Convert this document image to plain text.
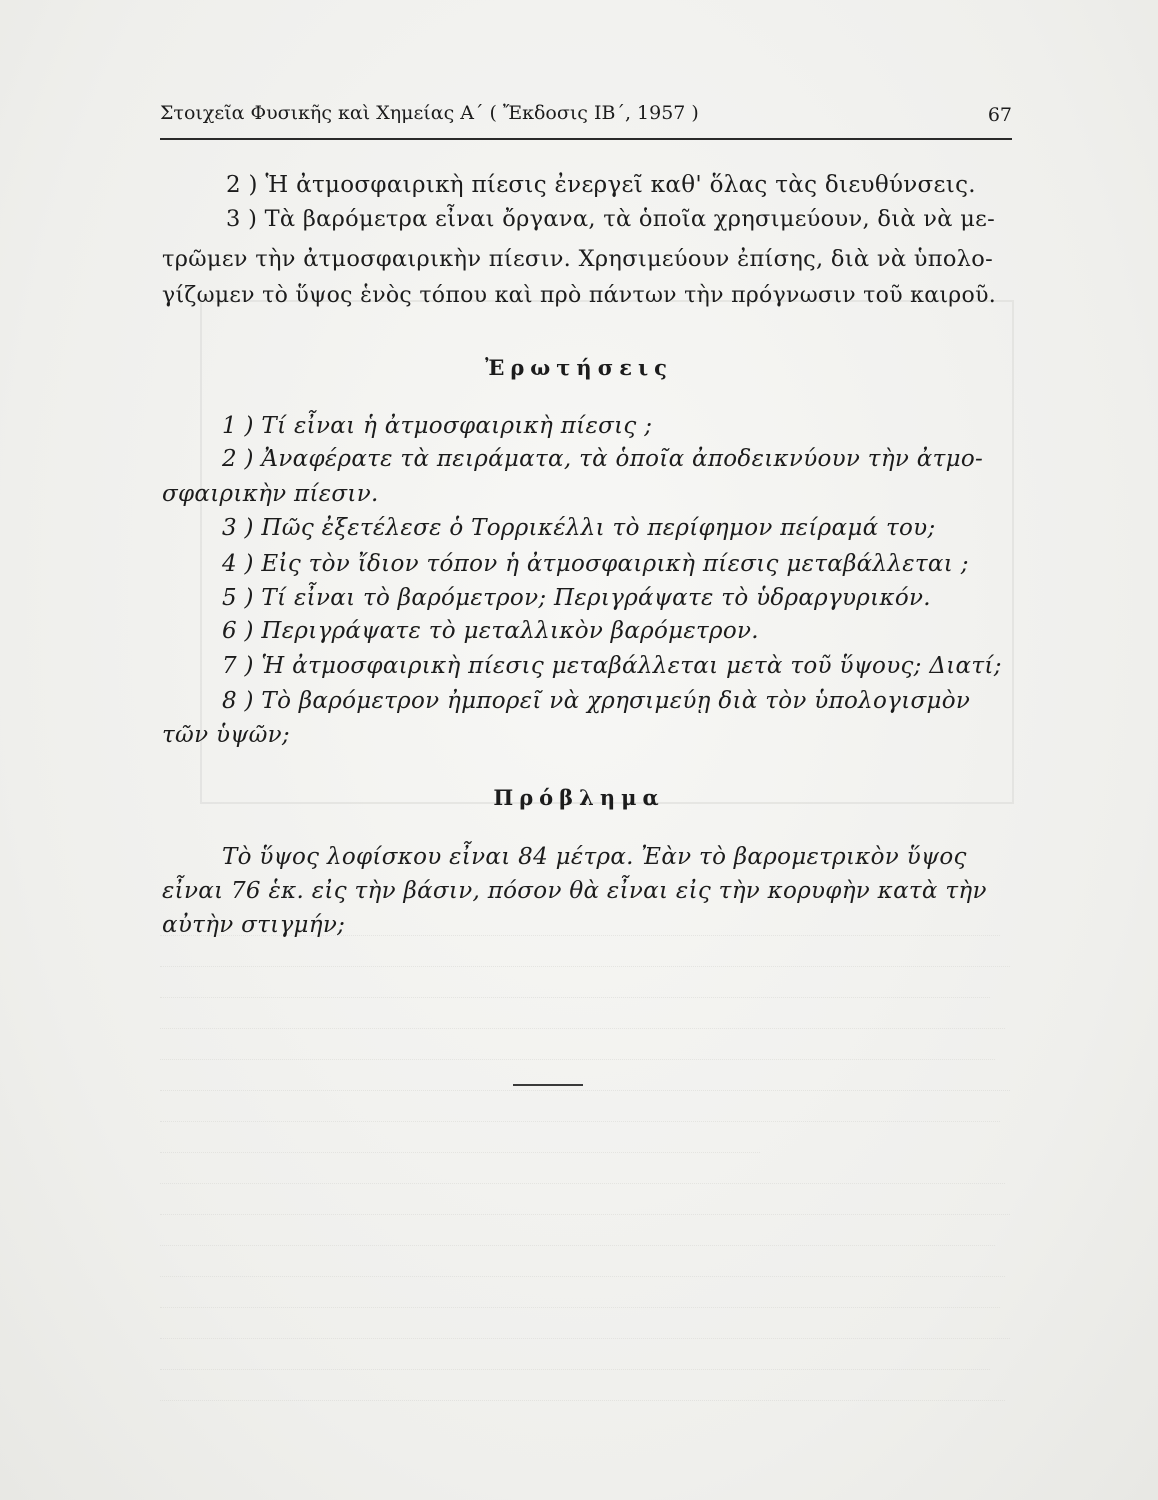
Στοιχεῖα Φυσικῆς καὶ Χημείας Α΄ ( Ἔκδοσις ΙΒ΄, 1957 )	67
2 ) Ἡ ἀτμοσφαιρικὴ πίεσις ἐνεργεῖ καθ' ὅλας τὰς διευθύνσεις.
3 ) Τὰ βαρόμετρα εἶναι ὄργανα, τὰ ὁποῖα χρησιμεύουν, διὰ νὰ με-
τρῶμεν τὴν ἀτμοσφαιρικὴν πίεσιν. Χρησιμεύουν ἐπίσης, διὰ νὰ ὑπολο-
γίζωμεν τὸ ὕψος ἑνὸς τόπου καὶ πρὸ πάντων τὴν πρόγνωσιν τοῦ καιροῦ.
Ἐρωτήσεις
1 ) Τί εἶναι ἡ ἀτμοσφαιρικὴ πίεσις ;
2 ) Ἀναφέρατε τὰ πειράματα, τὰ ὁποῖα ἀποδεικνύουν τὴν ἀτμο-
σφαιρικὴν πίεσιν.
3 ) Πῶς ἐξετέλεσε ὁ Τορρικέλλι τὸ περίφημον πείραμά του;
4 ) Εἰς τὸν ἴδιον τόπον ἡ ἀτμοσφαιρικὴ πίεσις μεταβάλλεται ;
5 ) Τί εἶναι τὸ βαρόμετρον; Περιγράψατε τὸ ὑδραργυρικόν.
6 ) Περιγράψατε τὸ μεταλλικὸν βαρόμετρον.
7 ) Ἡ ἀτμοσφαιρικὴ πίεσις μεταβάλλεται μετὰ τοῦ ὕψους; Διατί;
8 ) Τὸ βαρόμετρον ἠμπορεῖ νὰ χρησιμεύῃ διὰ τὸν ὑπολογισμὸν
τῶν ὑψῶν;
Πρόβλημα
Τὸ ὕψος λοφίσκου εἶναι 84 μέτρα. Ἐὰν τὸ βαρομετρικὸν ὕψος
εἶναι 76 ἑκ. εἰς τὴν βάσιν, πόσον θὰ εἶναι εἰς τὴν κορυφὴν κατὰ τὴν
αὐτὴν στιγμήν;
